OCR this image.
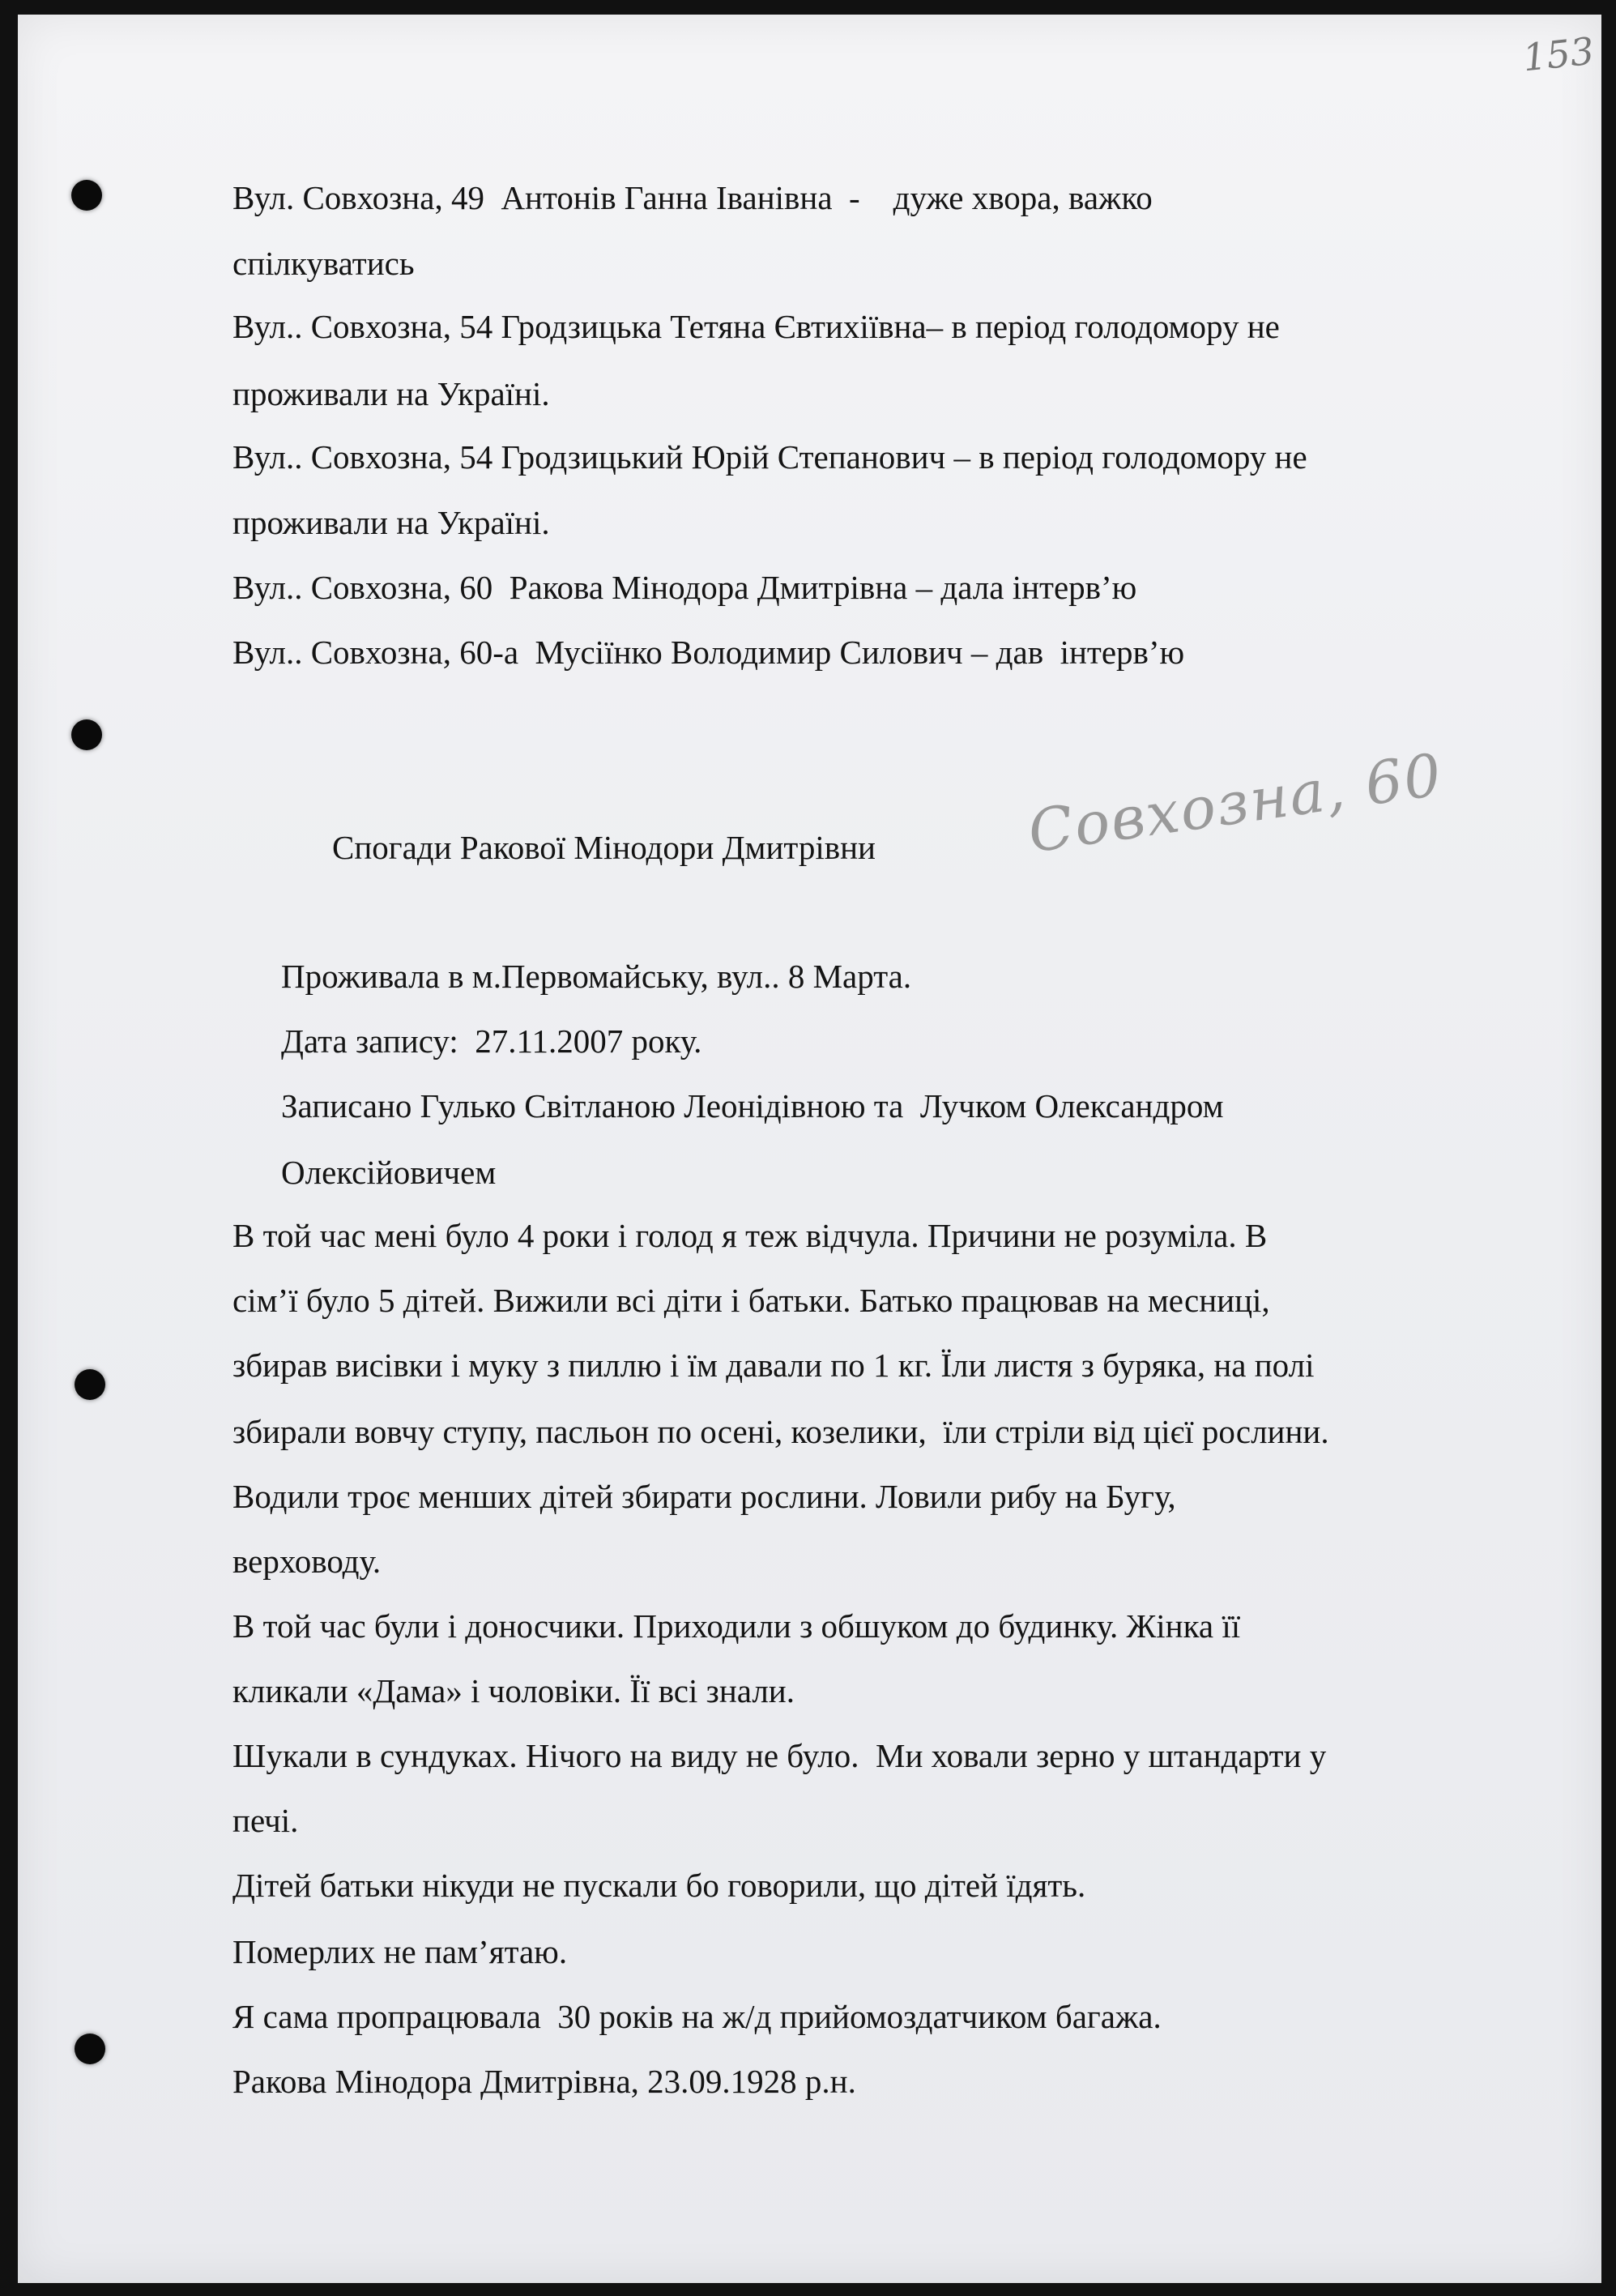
153
Вул. Совхозна, 49  Антонів Ганна Іванівна  -    дуже хвора, важко
спілкуватись
Вул.. Совхозна, 54 Гродзицька Тетяна Євтихіївна– в період голодомору не
проживали на Україні.
Вул.. Совхозна, 54 Гродзицький Юрій Степанович – в період голодомору не
проживали на Україні.
Вул.. Совхозна, 60  Ракова Мінодора Дмитрівна – дала інтерв’ю
Вул.. Совхозна, 60-а  Мусіїнко Володимир Силович – дав  інтерв’ю
Спогади Ракової Мінодори Дмитрівни	Совхозна, 60
Проживала в м.Первомайську, вул.. 8 Марта.
Дата запису:  27.11.2007 року.
Записано Гулько Світланою Леонідівною та  Лучком Олександром
Олексійовичем
В той час мені було 4 роки і голод я теж відчула. Причини не розуміла. В
сім’ї було 5 дітей. Вижили всі діти і батьки. Батько працював на месниці,
збирав висівки і муку з пиллю і їм давали по 1 кг. Їли листя з буряка, на полі
збирали вовчу ступу, пасльон по осені, козелики,  їли стріли від цієї рослини.
Водили троє менших дітей збирати рослини. Ловили рибу на Бугу,
верховоду.
В той час були і доносчики. Приходили з обшуком до будинку. Жінка її
кликали «Дама» і чоловіки. Її всі знали.
Шукали в сундуках. Нічого на виду не було.  Ми ховали зерно у штандарти у
печі.
Дітей батьки нікуди не пускали бо говорили, що дітей їдять.
Померлих не пам’ятаю.
Я сама пропрацювала  30 років на ж/д прийомоздатчиком багажа.
Ракова Мінодора Дмитрівна, 23.09.1928 р.н.
